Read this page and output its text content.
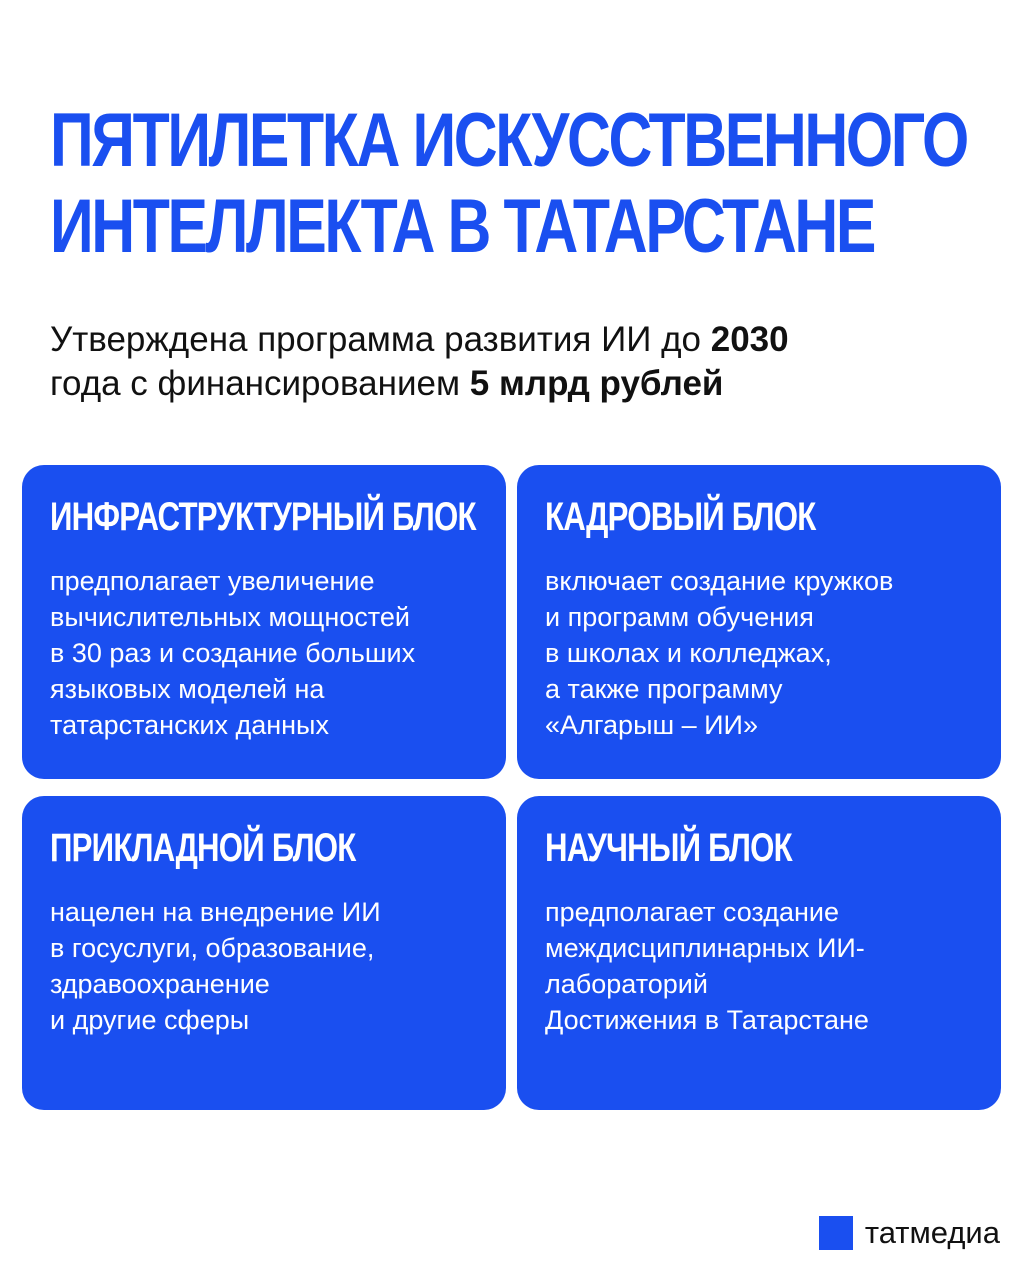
ПЯТИЛЕТКА ИСКУССТВЕННОГО
ИНТЕЛЛЕКТА В ТАТАРСТАНЕ

Утверждена программа развития ИИ до 2030
года с финансированием 5 млрд рублей

ИНФРАСТРУКТУРНЫЙ БЛОК
предполагает увеличение
вычислительных мощностей
в 30 раз и создание больших
языковых моделей на
татарстанских данных
КАДРОВЫЙ БЛОК
включает создание кружков
и программ обучения
в школах и колледжах,
а также программу
«Алгарыш – ИИ»
ПРИКЛАДНОЙ БЛОК
нацелен на внедрение ИИ
в госуслуги, образование,
здравоохранение
и другие сферы
НАУЧНЫЙ БЛОК
предполагает создание
междисциплинарных ИИ-
лабораторий
Достижения в Татарстане
татмедиа
